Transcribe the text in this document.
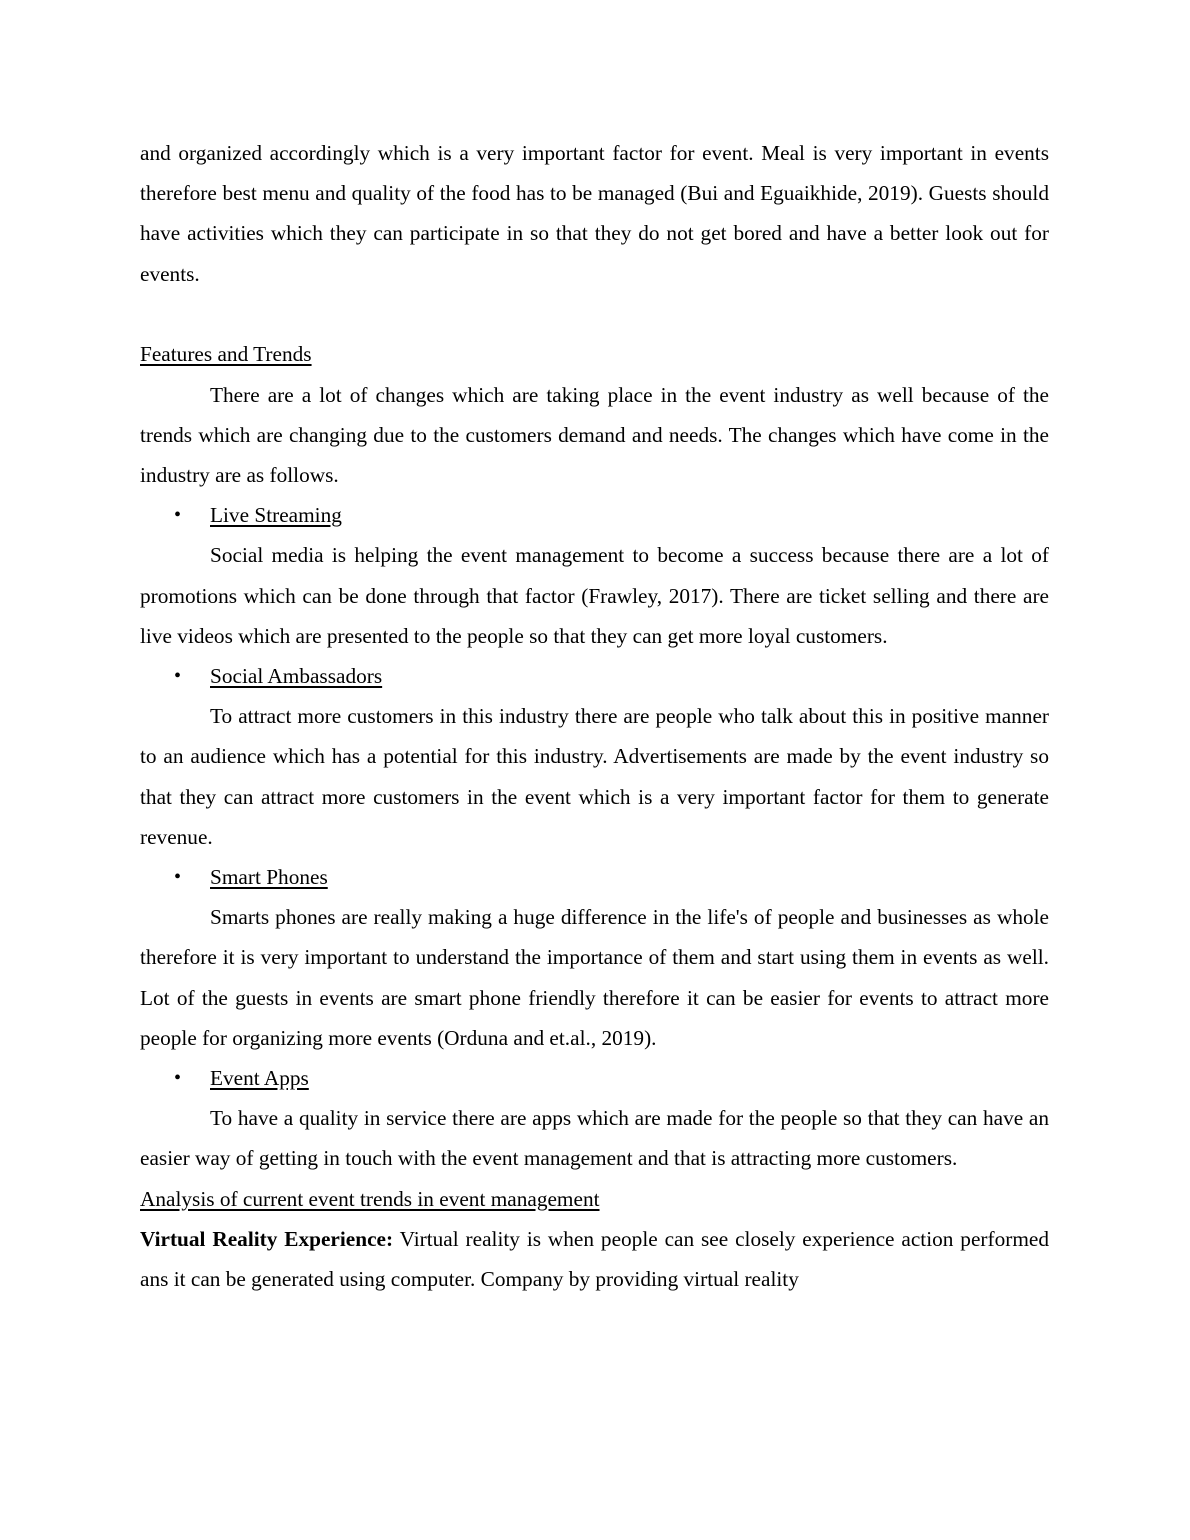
and organized accordingly which is a very important factor for event. Meal is very important in events therefore best menu and quality of the food has to be managed (Bui and Eguaikhide, 2019). Guests should have activities which they can participate in so that they do not get bored and have a better look out for events.

Features and Trends

There are a lot of changes which are taking place in the event industry as well because of the trends which are changing due to the customers demand and needs. The changes which have come in the industry are as follows.

• Live Streaming

Social media is helping the event management to become a success because there are a lot of promotions which can be done through that factor (Frawley, 2017). There are ticket selling and there are live videos which are presented to the people so that they can get more loyal customers.

• Social Ambassadors

To attract more customers in this industry there are people who talk about this in positive manner to an audience which has a potential for this industry. Advertisements are made by the event industry so that they can attract more customers in the event which is a very important factor for them to generate revenue.

• Smart Phones

Smarts phones are really making a huge difference in the life's of people and businesses as whole therefore it is very important to understand the importance of them and start using them in events as well. Lot of the guests in events are smart phone friendly therefore it can be easier for events to attract more people for organizing more events (Orduna and et.al., 2019).

• Event Apps

To have a quality in service there are apps which are made for the people so that they can have an easier way of getting in touch with the event management and that is attracting more customers.

Analysis of current event trends in event management

Virtual Reality Experience: Virtual reality is when people can see closely experience action performed ans it can be generated using computer. Company by providing virtual reality
